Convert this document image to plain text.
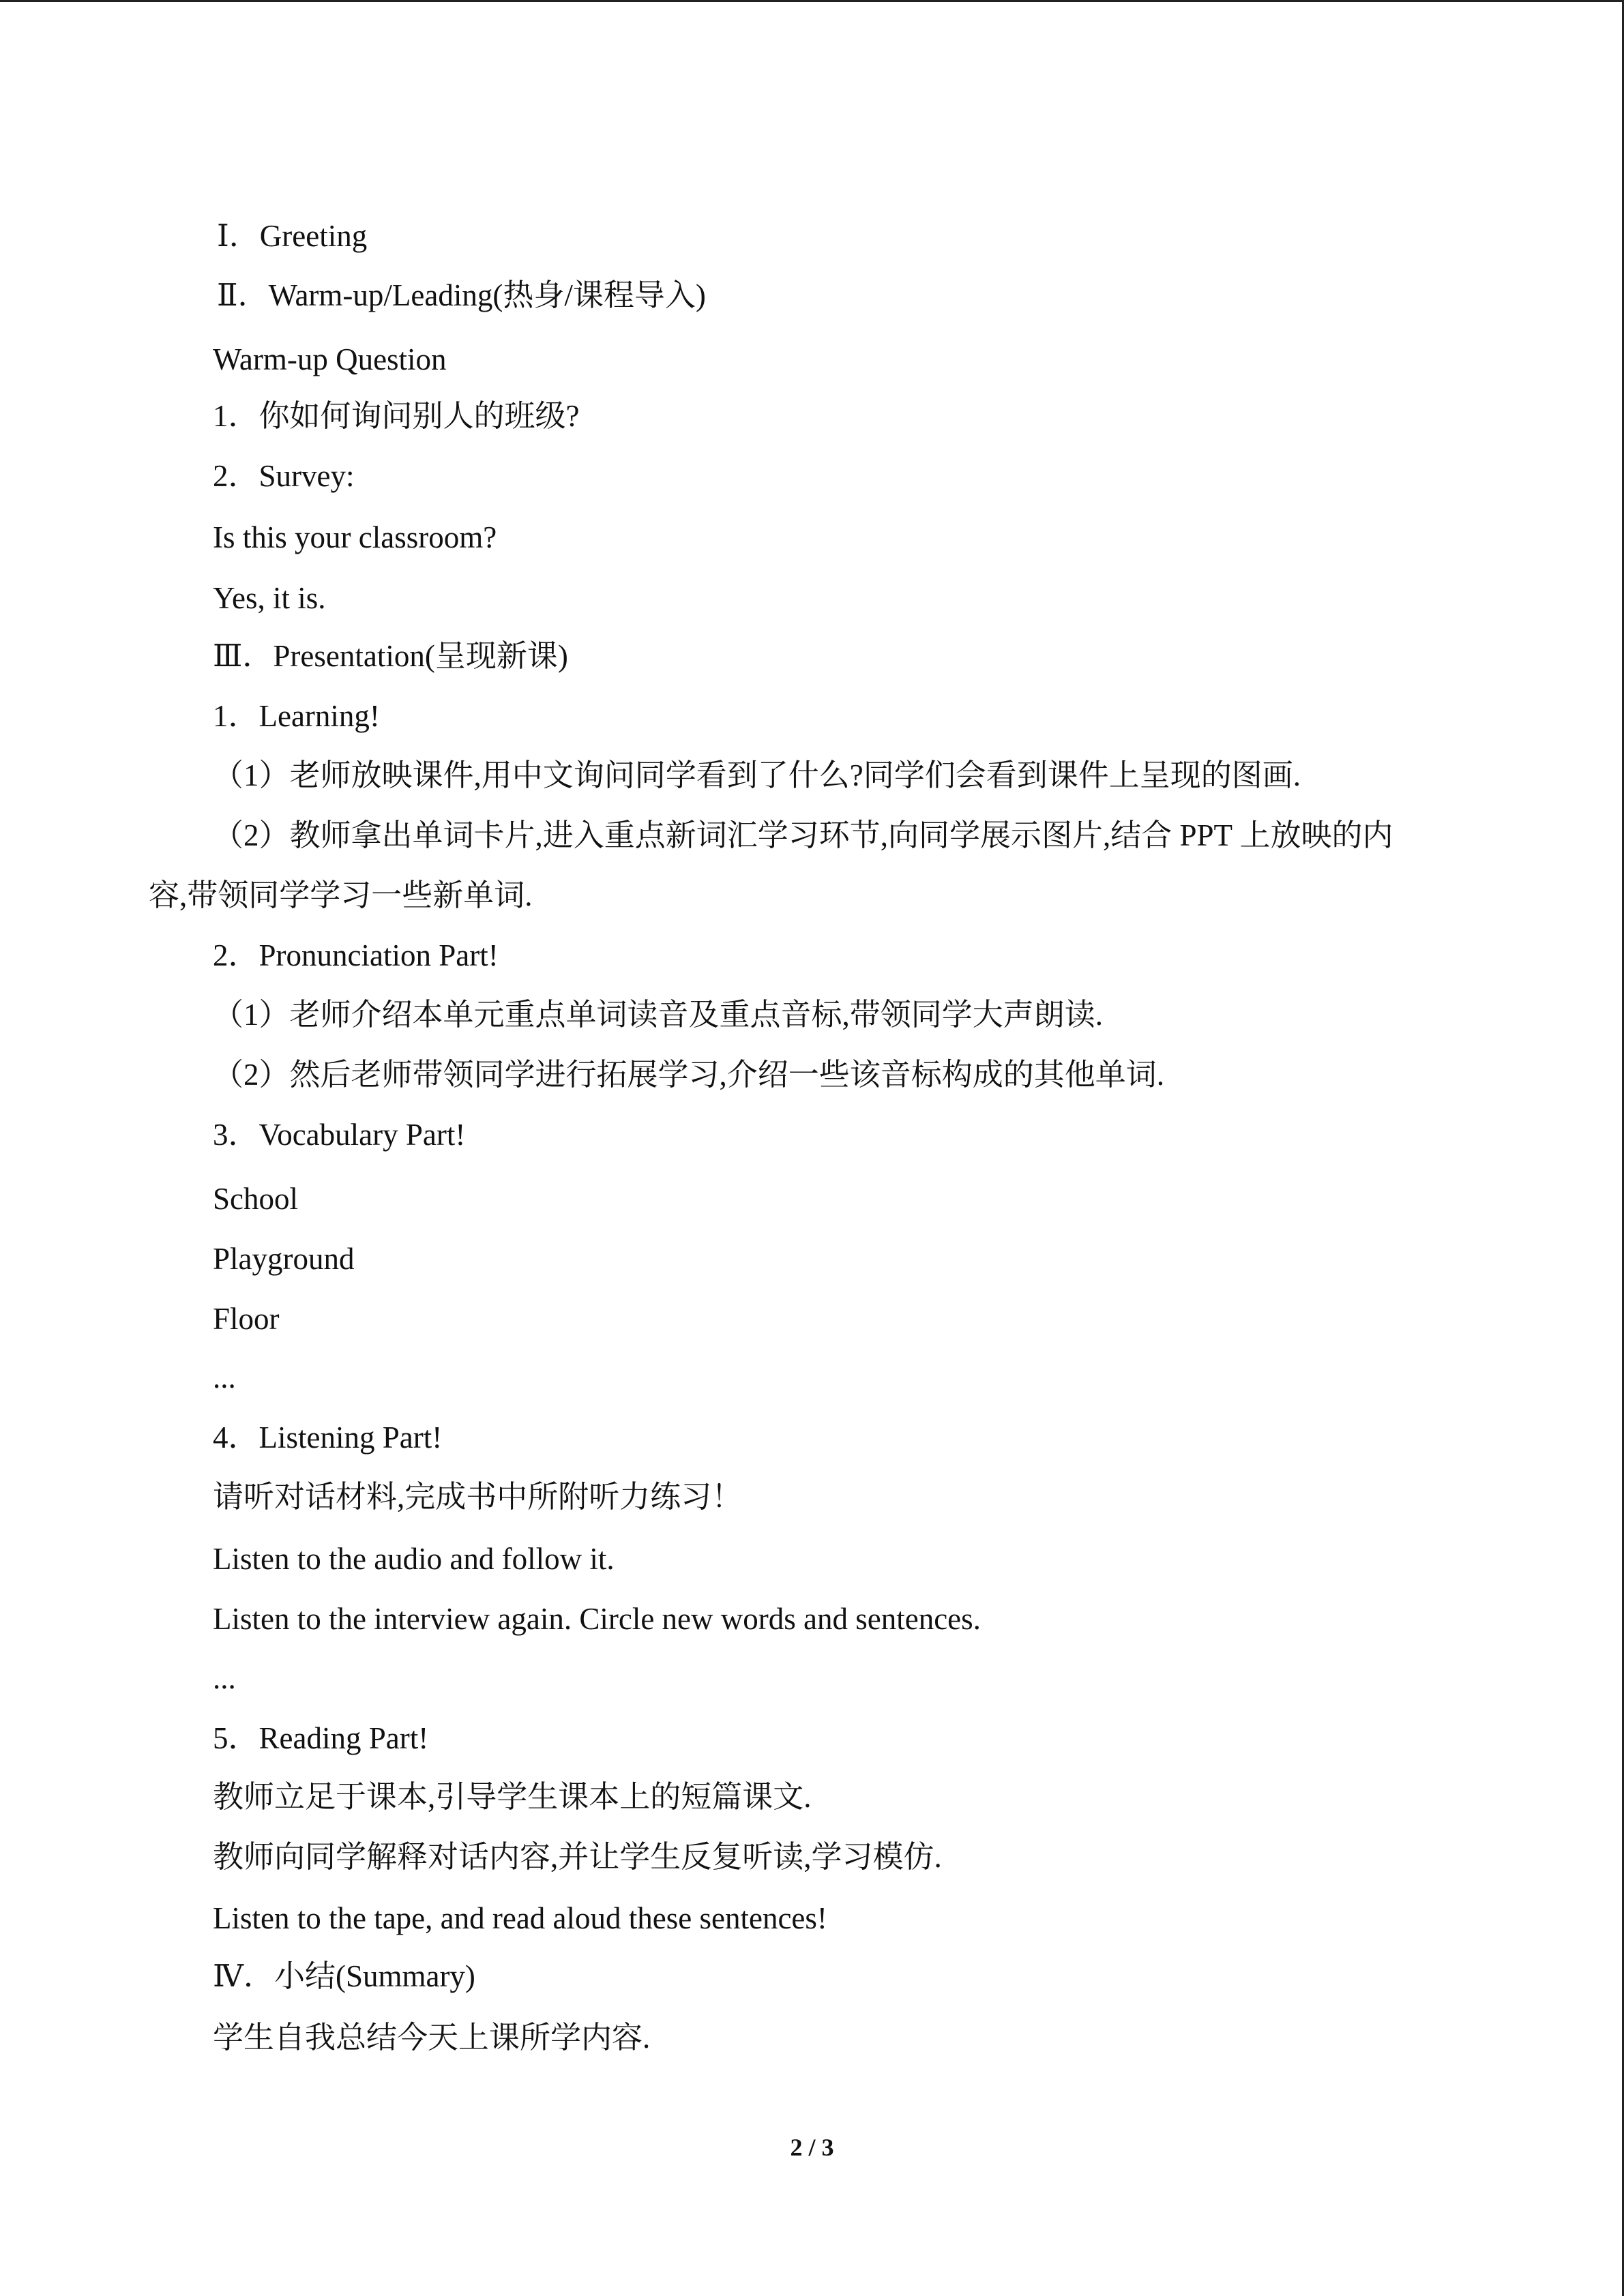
Ⅰ．Greeting
Ⅱ．Warm-up/Leading(热身/课程导入)
Warm-up Question
1．你如何询问别人的班级?
2．Survey:
Is this your classroom?
Yes, it is.
Ⅲ．Presentation(呈现新课)
1．Learning!
（1）老师放映课件,用中文询问同学看到了什么?同学们会看到课件上呈现的图画.
（2）教师拿出单词卡片,进入重点新词汇学习环节,向同学展示图片,结合 PPT 上放映的内
容,带领同学学习一些新单词.
2．Pronunciation Part!
（1）老师介绍本单元重点单词读音及重点音标,带领同学大声朗读.
（2）然后老师带领同学进行拓展学习,介绍一些该音标构成的其他单词.
3．Vocabulary Part!
School
Playground
Floor
...
4．Listening Part!
请听对话材料,完成书中所附听力练习！
Listen to the audio and follow it.
Listen to the interview again. Circle new words and sentences.
...
5．Reading Part!
教师立足于课本,引导学生课本上的短篇课文.
教师向同学解释对话内容,并让学生反复听读,学习模仿.
Listen to the tape, and read aloud these sentences!
Ⅳ．小结(Summary)
学生自我总结今天上课所学内容.
2 / 3
